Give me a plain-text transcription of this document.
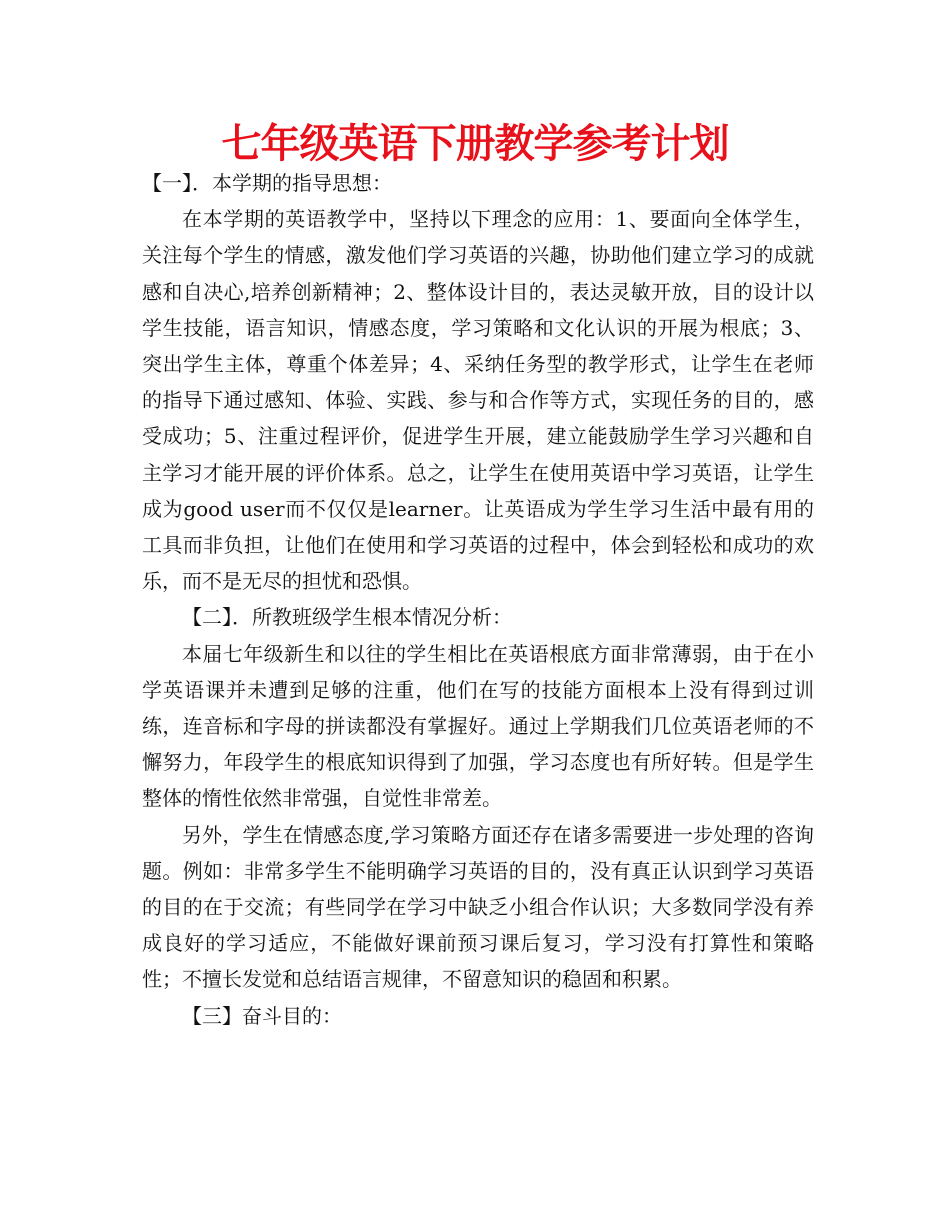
七年级英语下册教学参考计划

【一】．本学期的指导思想：

在本学期的英语教学中，坚持以下理念的应用：1、要面向全体学生，关注每个学生的情感，激发他们学习英语的兴趣，协助他们建立学习的成就感和自决心,培养创新精神；2、整体设计目的，表达灵敏开放，目的设计以学生技能，语言知识，情感态度，学习策略和文化认识的开展为根底；3、突出学生主体，尊重个体差异；4、采纳任务型的教学形式，让学生在老师的指导下通过感知、体验、实践、参与和合作等方式，实现任务的目的，感受成功；5、注重过程评价，促进学生开展，建立能鼓励学生学习兴趣和自主学习才能开展的评价体系。总之，让学生在使用英语中学习英语，让学生成为good user而不仅仅是learner。让英语成为学生学习生活中最有用的工具而非负担，让他们在使用和学习英语的过程中，体会到轻松和成功的欢乐，而不是无尽的担忧和恐惧。

【二】．所教班级学生根本情况分析：

本届七年级新生和以往的学生相比在英语根底方面非常薄弱，由于在小学英语课并未遭到足够的注重，他们在写的技能方面根本上没有得到过训练，连音标和字母的拼读都没有掌握好。通过上学期我们几位英语老师的不懈努力，年段学生的根底知识得到了加强，学习态度也有所好转。但是学生整体的惰性依然非常强，自觉性非常差。

另外，学生在情感态度,学习策略方面还存在诸多需要进一步处理的咨询题。例如：非常多学生不能明确学习英语的目的，没有真正认识到学习英语的目的在于交流；有些同学在学习中缺乏小组合作认识；大多数同学没有养成良好的学习适应，不能做好课前预习课后复习，学习没有打算性和策略性；不擅长发觉和总结语言规律，不留意知识的稳固和积累。

【三】奋斗目的：
